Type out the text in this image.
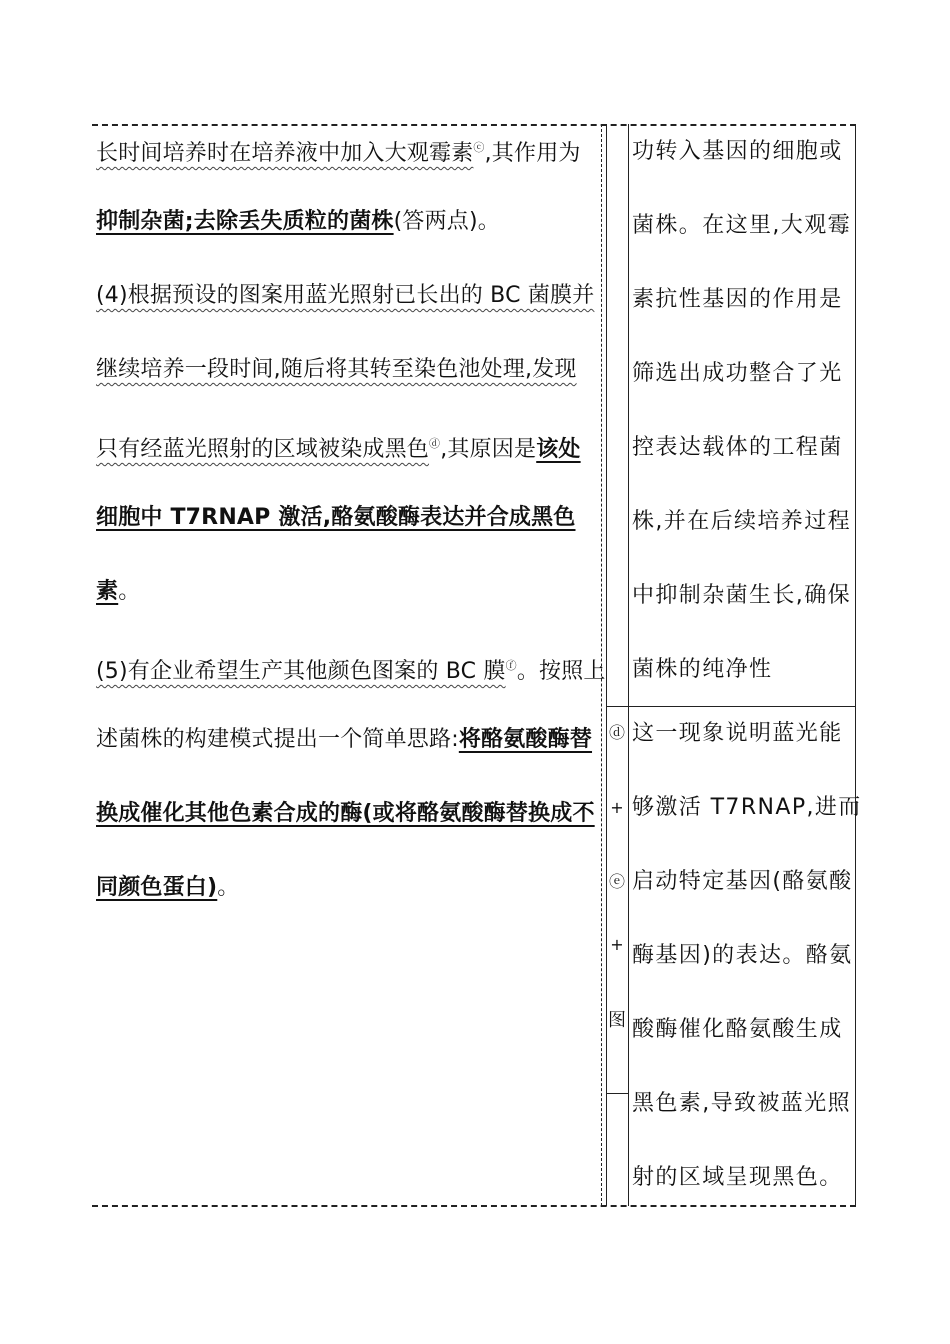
长时间培养时在培养液中加入大观霉素ⓒ,其作用为
抑制杂菌;去除丢失质粒的菌株(答两点)。
(4)根据预设的图案用蓝光照射已长出的 BC 菌膜并
继续培养一段时间,随后将其转至染色池处理,发现
只有经蓝光照射的区域被染成黑色ⓓ,其原因是该处
细胞中 T7RNAP 激活,酪氨酸酶表达并合成黑色
素。
(5)有企业希望生产其他颜色图案的 BC 膜ⓕ。按照上
述菌株的构建模式提出一个简单思路:将酪氨酸酶替
换成催化其他色素合成的酶(或将酪氨酸酶替换成不
同颜色蛋白)。
ⓓ
+
ⓔ
+
图
功转入基因的细胞或
菌株。在这里,大观霉
素抗性基因的作用是
筛选出成功整合了光
控表达载体的工程菌
株,并在后续培养过程
中抑制杂菌生长,确保
菌株的纯净性
这一现象说明蓝光能
够激活 T7RNAP,进而
启动特定基因(酪氨酸
酶基因)的表达。酪氨
酸酶催化酪氨酸生成
黑色素,导致被蓝光照
射的区域呈现黑色。
